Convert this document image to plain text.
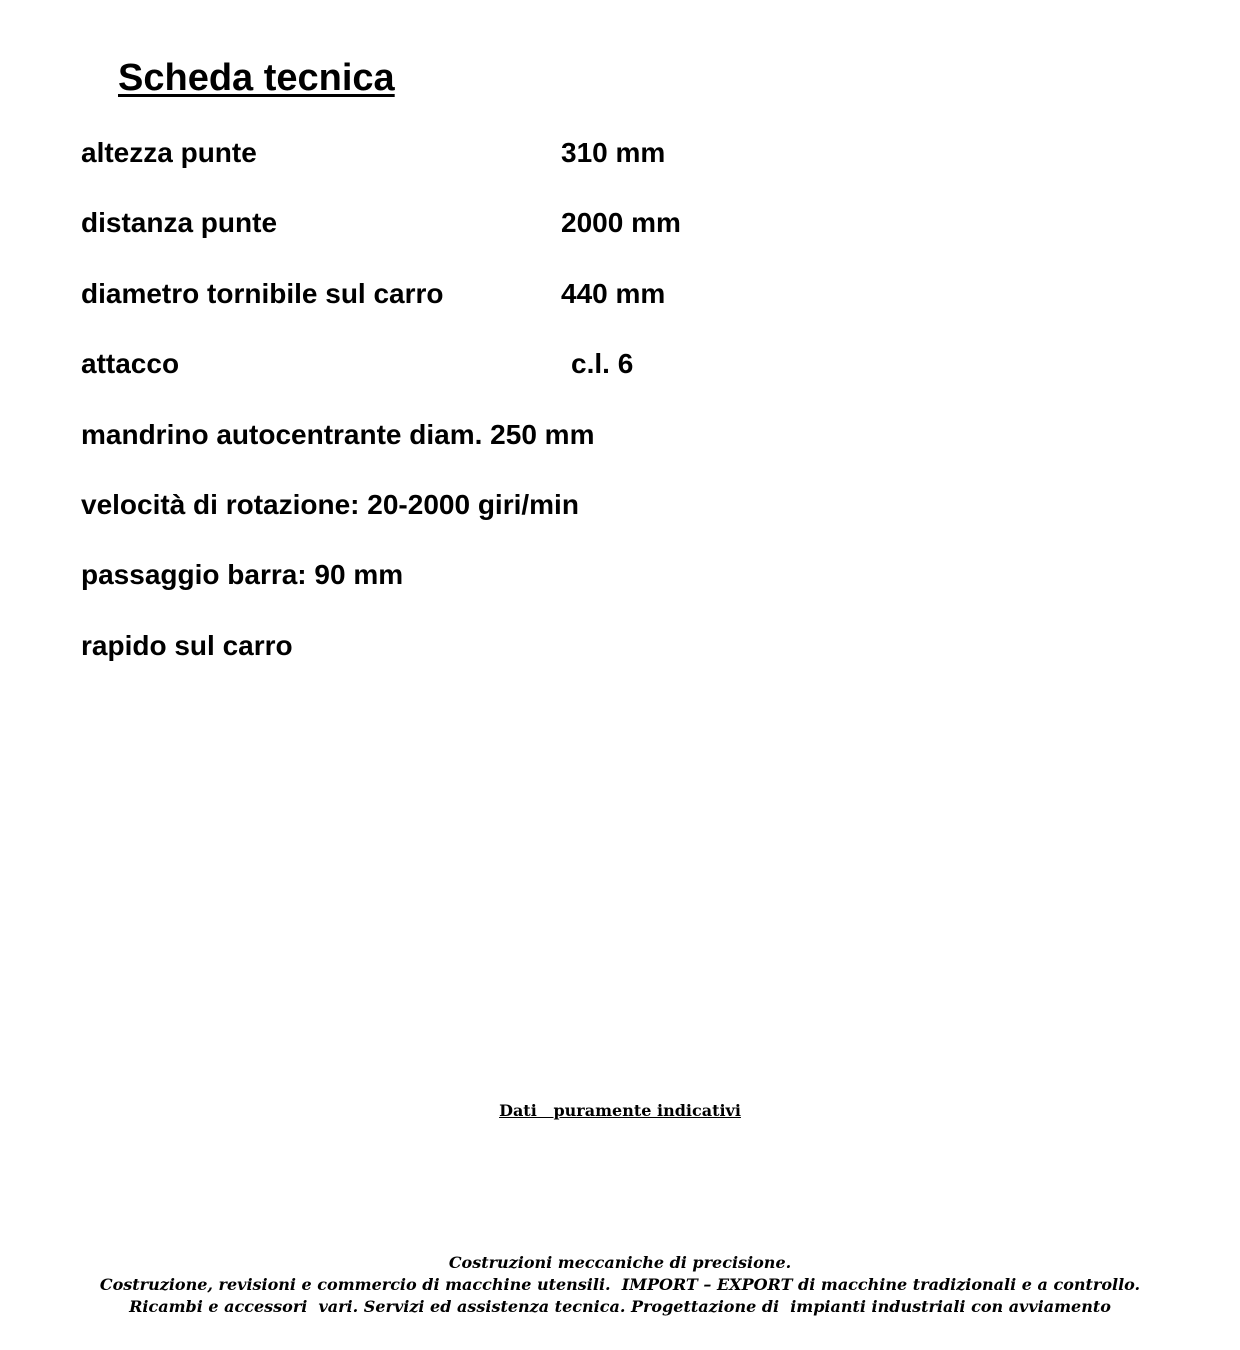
Scheda tecnica
altezza punte	310 mm
distanza punte	2000 mm
diametro tornibile sul carro	440 mm
attacco	c.l. 6
mandrino autocentrante diam. 250 mm
velocità di rotazione: 20-2000 giri/min
passaggio barra: 90 mm
rapido sul carro
Dati   puramente indicativi
Costruzioni meccaniche di precisione.
Costruzione, revisioni e commercio di macchine utensili.  IMPORT – EXPORT di macchine tradizionali e a controllo.
Ricambi e accessori  vari. Servizi ed assistenza tecnica. Progettazione di  impianti industriali con avviamento
